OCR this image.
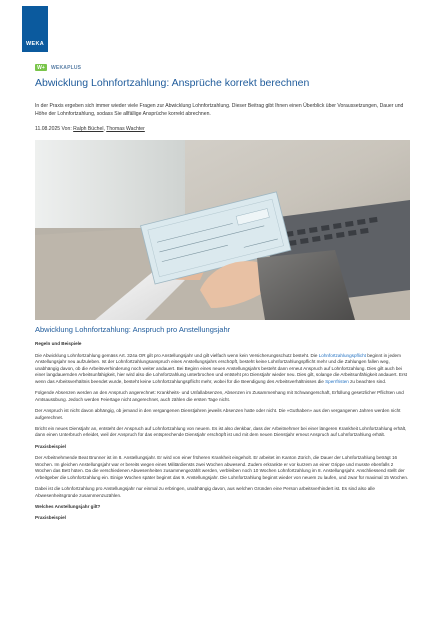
WEKA
W+	WEKAPLUS
Abwicklung Lohnfortzahlung: Ansprüche korrekt berechnen

In der Praxis ergeben sich immer wieder viele Fragen zur Abwicklung Lohnfortzahlung. Dieser Beitrag gibt Ihnen einen Überblick über Voraussetzungen, Dauer und Höhe der Lohnfortzahlung, sodass Sie allfällige Ansprüche korrekt abrechnen.

11.08.2025 Von: Ralph Büchel, Thomas Wachter
Abwicklung Lohnfortzahlung: Anspruch pro Anstellungsjahr

Regeln und Beispiele

Die Abwicklung Lohnfortzahlung gemäss Art. 324a OR gilt pro Anstellungsjahr und gilt vielfach wenn kein Versicherungsschutz besteht. Die Lohnfortzahlungspflicht beginnt in jedem Anstellungsjahr neu aufzuleben. Ist der Lohnfortzahlungsanspruch eines Anstellungsjahrs erschöpft, besteht keine Lohnfortzahlungspflicht mehr und die Zahlungen fallen weg, unabhängig davon, ob die Arbeitsverhinderung noch weiter andauert. Bei Beginn eines neuen Anstellungsjahrs besteht dann erneut Anspruch auf Lohnfortzahlung. Dies gilt auch bei einer langdauernden Arbeitsunfähigkeit, hier wird also die Lohnfortzahlung unterbrochen und entsteht pro Dienstjahr wieder neu. Dies gilt, solange die Arbeitsunfähigkeit andauert. Erst wenn das Arbeitsverhältnis beendet wurde, besteht keine Lohnfortzahlungspflicht mehr, wobei für die Beendigung des Arbeitsverhältnisses die Sperrfristen zu beachten sind.

Folgende Absenzen werden an den Anspruch angerechnet: Krankheits- und Unfallabsenzen, Absenzen im Zusammenhang mit Schwangerschaft, Erfüllung gesetzlicher Pflichten und Amtsausübung. Jedoch werden Feiertage nicht angerechnet, auch zählen die ersten Tage nicht.

Der Anspruch ist nicht davon abhängig, ob jemand in den vergangenen Dienstjahren jeweils Absenzen hatte oder nicht. Die «Guthaben» aus den vergangenen Jahren werden nicht aufgerechnet.

Bricht ein neues Dienstjahr an, entsteht der Anspruch auf Lohnfortzahlung von neuem. Es ist also denkbar, dass der Arbeitnehmer bei einer längeren Krankheit Lohnfortzahlung erhält, dann einen Unterbruch erleidet, weil der Anspruch für das entsprechende Dienstjahr erschöpft ist und mit dem neuen Dienstjahr erneut Anspruch auf Lohnfortzahlung erhält.

Praxisbeispiel

Der Arbeitnehmende Beat Brunner ist im 8. Anstellungsjahr. Er wird von einer früheren Krankheit eingeholt. Er arbeitet im Kanton Zürich, die Dauer der Lohnfortzahlung beträgt 16 Wochen. Im gleichen Anstellungsjahr war er bereits wegen eines Militärdiensts zwei Wochen abwesend. Zudem erkrankte er vor kurzem an einer Grippe und musste ebenfalls 2 Wochen das Bett hüten. Da die verschiedenen Abwesenheiten zusammengezählt werden, verbleiben noch 10 Wochen Lohnfortzahlung im 8. Anstellungsjahr. Anschliessend stellt der Arbeitgeber die Lohnfortzahlung ein. Einige Wochen später beginnt das 9. Anstellungsjahr. Die Lohnfortzahlung beginnt wieder von neuem zu laufen, und zwar für maximal 15 Wochen.

Dabei ist die Lohnfortzahlung pro Anstellungsjahr nur einmal zu erbringen, unabhängig davon, aus welchen Gründen eine Person arbeitsverhindert ist. Es sind also alle Abwesenheitsgründe zusammenzuzählen.

Welches Anstellungsjahr gilt?

Praxisbeispiel
